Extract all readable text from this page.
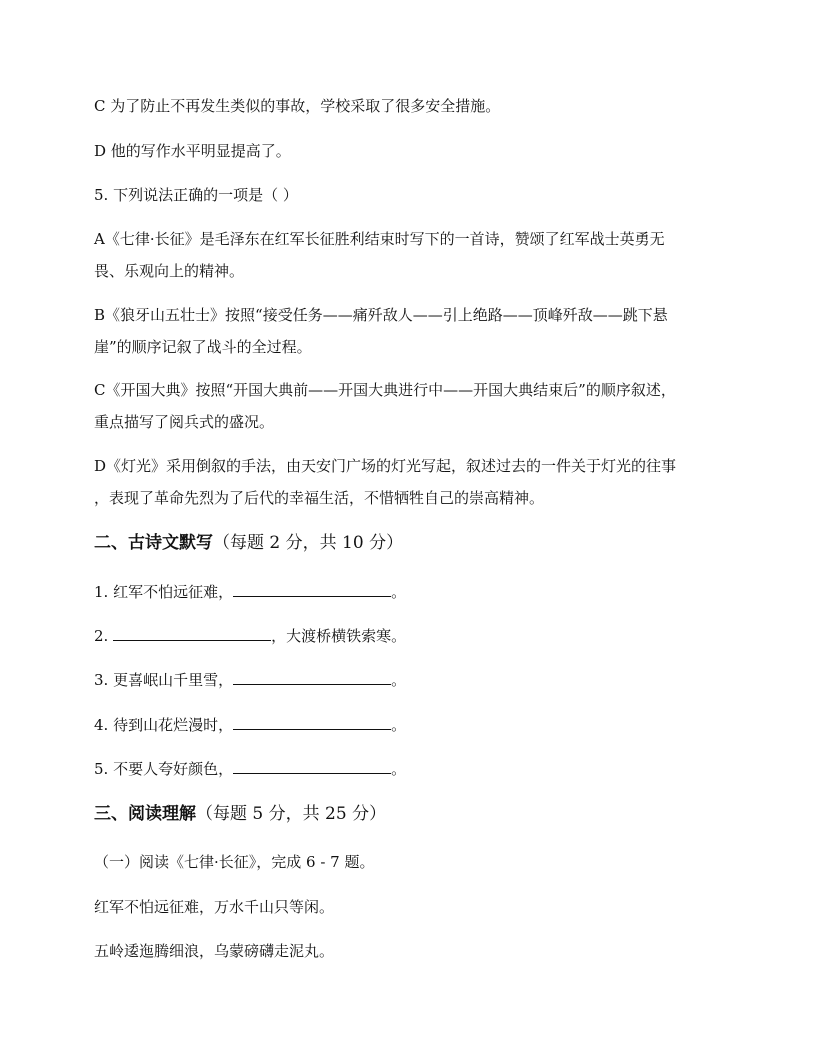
C 为了防止不再发生类似的事故，学校采取了很多安全措施。

D 他的写作水平明显提高了。

5. 下列说法正确的一项是（ ）

A《七律·长征》是毛泽东在红军长征胜利结束时写下的一首诗，赞颂了红军战士英勇无

畏、乐观向上的精神。

B《狼牙山五壮士》按照“接受任务——痛歼敌人——引上绝路——顶峰歼敌——跳下悬

崖”的顺序记叙了战斗的全过程。

C《开国大典》按照“开国大典前——开国大典进行中——开国大典结束后”的顺序叙述，

重点描写了阅兵式的盛况。

D《灯光》采用倒叙的手法，由天安门广场的灯光写起，叙述过去的一件关于灯光的往事

，表现了革命先烈为了后代的幸福生活，不惜牺牲自己的崇高精神。

二、古诗文默写（每题 2 分，共 10 分）

1. 红军不怕远征难，	。

2.	，大渡桥横铁索寒。

3. 更喜岷山千里雪，	。

4. 待到山花烂漫时，	。

5. 不要人夸好颜色，	。

三、阅读理解（每题 5 分，共 25 分）

（一）阅读《七律·长征》，完成 6 - 7 题。

红军不怕远征难，万水千山只等闲。

五岭逶迤腾细浪，乌蒙磅礴走泥丸。
